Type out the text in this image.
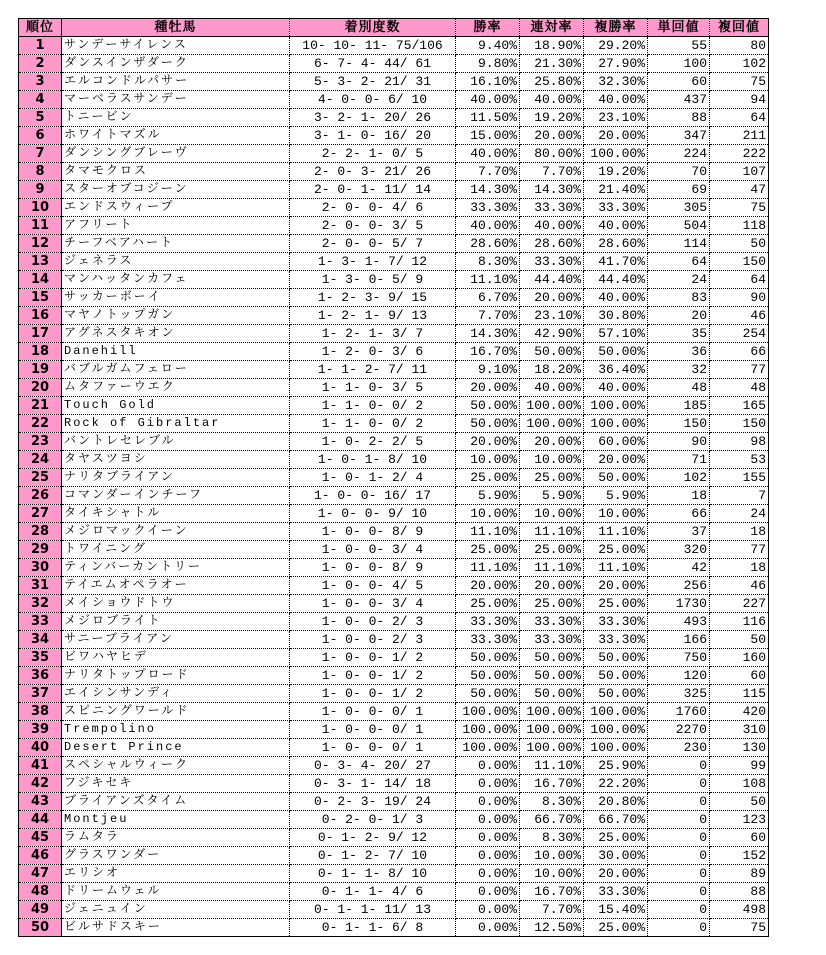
順位	種牡馬	着別度数	勝率	連対率	複勝率	単回値	複回値
1	サンデーサイレンス	10- 10- 11- 75/106	9.40%	18.90%	29.20%	55	80
2	ダンスインザダーク	6- 7- 4- 44/ 61	9.80%	21.30%	27.90%	100	102
3	エルコンドルパサー	5- 3- 2- 21/ 31	16.10%	25.80%	32.30%	60	75
4	マーベラスサンデー	4- 0- 0- 6/ 10	40.00%	40.00%	40.00%	437	94
5	トニービン	3- 2- 1- 20/ 26	11.50%	19.20%	23.10%	88	64
6	ホワイトマズル	3- 1- 0- 16/ 20	15.00%	20.00%	20.00%	347	211
7	ダンシングブレーヴ	2- 2- 1- 0/ 5	40.00%	80.00%	100.00%	224	222
8	タマモクロス	2- 0- 3- 21/ 26	7.70%	7.70%	19.20%	70	107
9	スターオブコジーン	2- 0- 1- 11/ 14	14.30%	14.30%	21.40%	69	47
10	エンドスウィープ	2- 0- 0- 4/ 6	33.30%	33.30%	33.30%	305	75
11	アフリート	2- 0- 0- 3/ 5	40.00%	40.00%	40.00%	504	118
12	チーフベアハート	2- 0- 0- 5/ 7	28.60%	28.60%	28.60%	114	50
13	ジェネラス	1- 3- 1- 7/ 12	8.30%	33.30%	41.70%	64	150
14	マンハッタンカフェ	1- 3- 0- 5/ 9	11.10%	44.40%	44.40%	24	64
15	サッカーボーイ	1- 2- 3- 9/ 15	6.70%	20.00%	40.00%	83	90
16	マヤノトップガン	1- 2- 1- 9/ 13	7.70%	23.10%	30.80%	20	46
17	アグネスタキオン	1- 2- 1- 3/ 7	14.30%	42.90%	57.10%	35	254
18	Danehill	1- 2- 0- 3/ 6	16.70%	50.00%	50.00%	36	66
19	バブルガムフェロー	1- 1- 2- 7/ 11	9.10%	18.20%	36.40%	32	77
20	ムタファーウエク	1- 1- 0- 3/ 5	20.00%	40.00%	40.00%	48	48
21	Touch Gold	1- 1- 0- 0/ 2	50.00%	100.00%	100.00%	185	165
22	Rock of Gibraltar	1- 1- 0- 0/ 2	50.00%	100.00%	100.00%	150	150
23	バントレセレブル	1- 0- 2- 2/ 5	20.00%	20.00%	60.00%	90	98
24	タヤスツヨシ	1- 0- 1- 8/ 10	10.00%	10.00%	20.00%	71	53
25	ナリタブライアン	1- 0- 1- 2/ 4	25.00%	25.00%	50.00%	102	155
26	コマンダーインチーフ	1- 0- 0- 16/ 17	5.90%	5.90%	5.90%	18	7
27	タイキシャトル	1- 0- 0- 9/ 10	10.00%	10.00%	10.00%	66	24
28	メジロマックイーン	1- 0- 0- 8/ 9	11.10%	11.10%	11.10%	37	18
29	トワイニング	1- 0- 0- 3/ 4	25.00%	25.00%	25.00%	320	77
30	ティンバーカントリー	1- 0- 0- 8/ 9	11.10%	11.10%	11.10%	42	18
31	テイエムオペラオー	1- 0- 0- 4/ 5	20.00%	20.00%	20.00%	256	46
32	メイショウドトウ	1- 0- 0- 3/ 4	25.00%	25.00%	25.00%	1730	227
33	メジロブライト	1- 0- 0- 2/ 3	33.30%	33.30%	33.30%	493	116
34	サニーブライアン	1- 0- 0- 2/ 3	33.30%	33.30%	33.30%	166	50
35	ビワハヤヒデ	1- 0- 0- 1/ 2	50.00%	50.00%	50.00%	750	160
36	ナリタトップロード	1- 0- 0- 1/ 2	50.00%	50.00%	50.00%	120	60
37	エイシンサンディ	1- 0- 0- 1/ 2	50.00%	50.00%	50.00%	325	115
38	スピニングワールド	1- 0- 0- 0/ 1	100.00%	100.00%	100.00%	1760	420
39	Trempolino	1- 0- 0- 0/ 1	100.00%	100.00%	100.00%	2270	310
40	Desert Prince	1- 0- 0- 0/ 1	100.00%	100.00%	100.00%	230	130
41	スペシャルウィーク	0- 3- 4- 20/ 27	0.00%	11.10%	25.90%	0	99
42	フジキセキ	0- 3- 1- 14/ 18	0.00%	16.70%	22.20%	0	108
43	ブライアンズタイム	0- 2- 3- 19/ 24	0.00%	8.30%	20.80%	0	50
44	Montjeu	0- 2- 0- 1/ 3	0.00%	66.70%	66.70%	0	123
45	ラムタラ	0- 1- 2- 9/ 12	0.00%	8.30%	25.00%	0	60
46	グラスワンダー	0- 1- 2- 7/ 10	0.00%	10.00%	30.00%	0	152
47	エリシオ	0- 1- 1- 8/ 10	0.00%	10.00%	20.00%	0	89
48	ドリームウェル	0- 1- 1- 4/ 6	0.00%	16.70%	33.30%	0	88
49	ジェニュイン	0- 1- 1- 11/ 13	0.00%	7.70%	15.40%	0	498
50	ビルサドスキー	0- 1- 1- 6/ 8	0.00%	12.50%	25.00%	0	75
